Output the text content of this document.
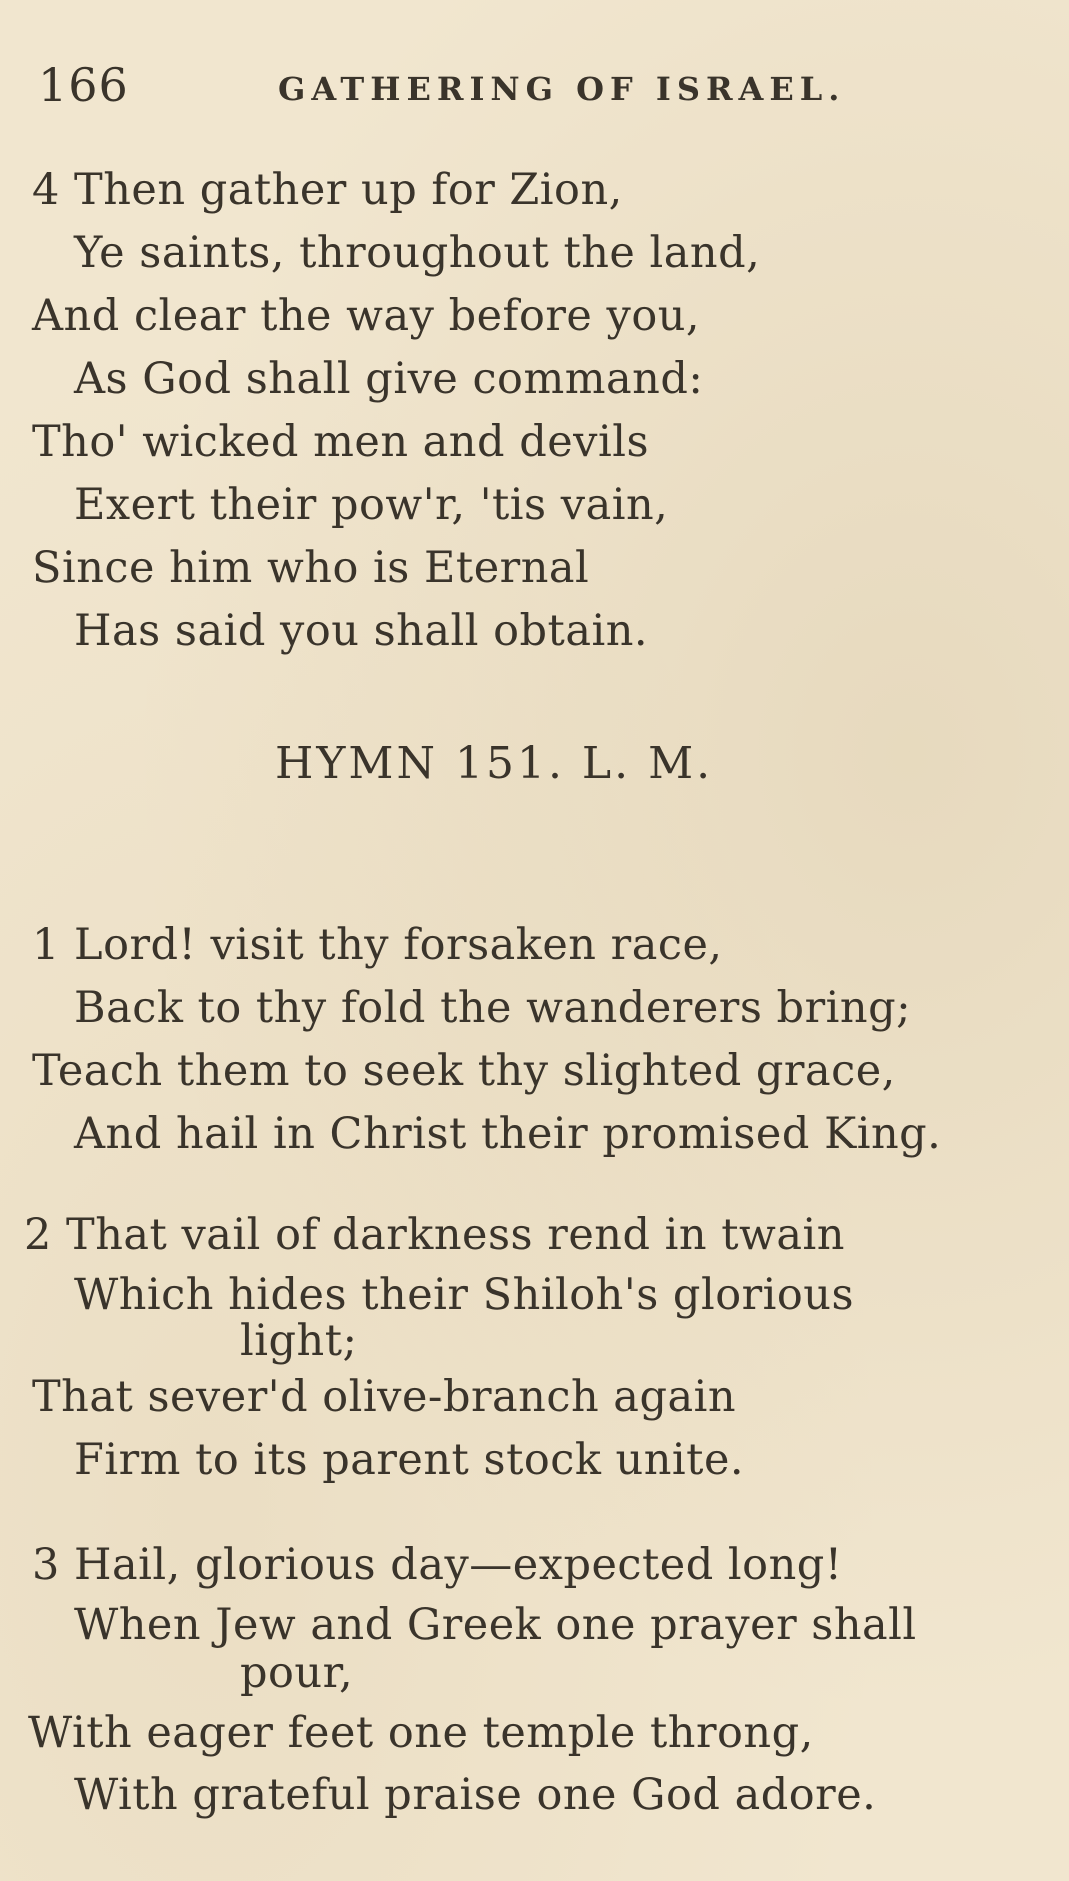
166	GATHERING OF ISRAEL.
4 Then gather up for Zion,
Ye saints, throughout the land,
And clear the way before you,
As God shall give command:
Tho' wicked men and devils
Exert their pow'r, 'tis vain,
Since him who is Eternal
Has said you shall obtain.
HYMN 151. L. M.
1 Lord! visit thy forsaken race,
Back to thy fold the wanderers bring;
Teach them to seek thy slighted grace,
And hail in Christ their promised King.
2 That vail of darkness rend in twain
Which hides their Shiloh's glorious
light;
That sever'd olive-branch again
Firm to its parent stock unite.
3 Hail, glorious day—expected long!
When Jew and Greek one prayer shall
pour,
With eager feet one temple throng,
With grateful praise one God adore.
